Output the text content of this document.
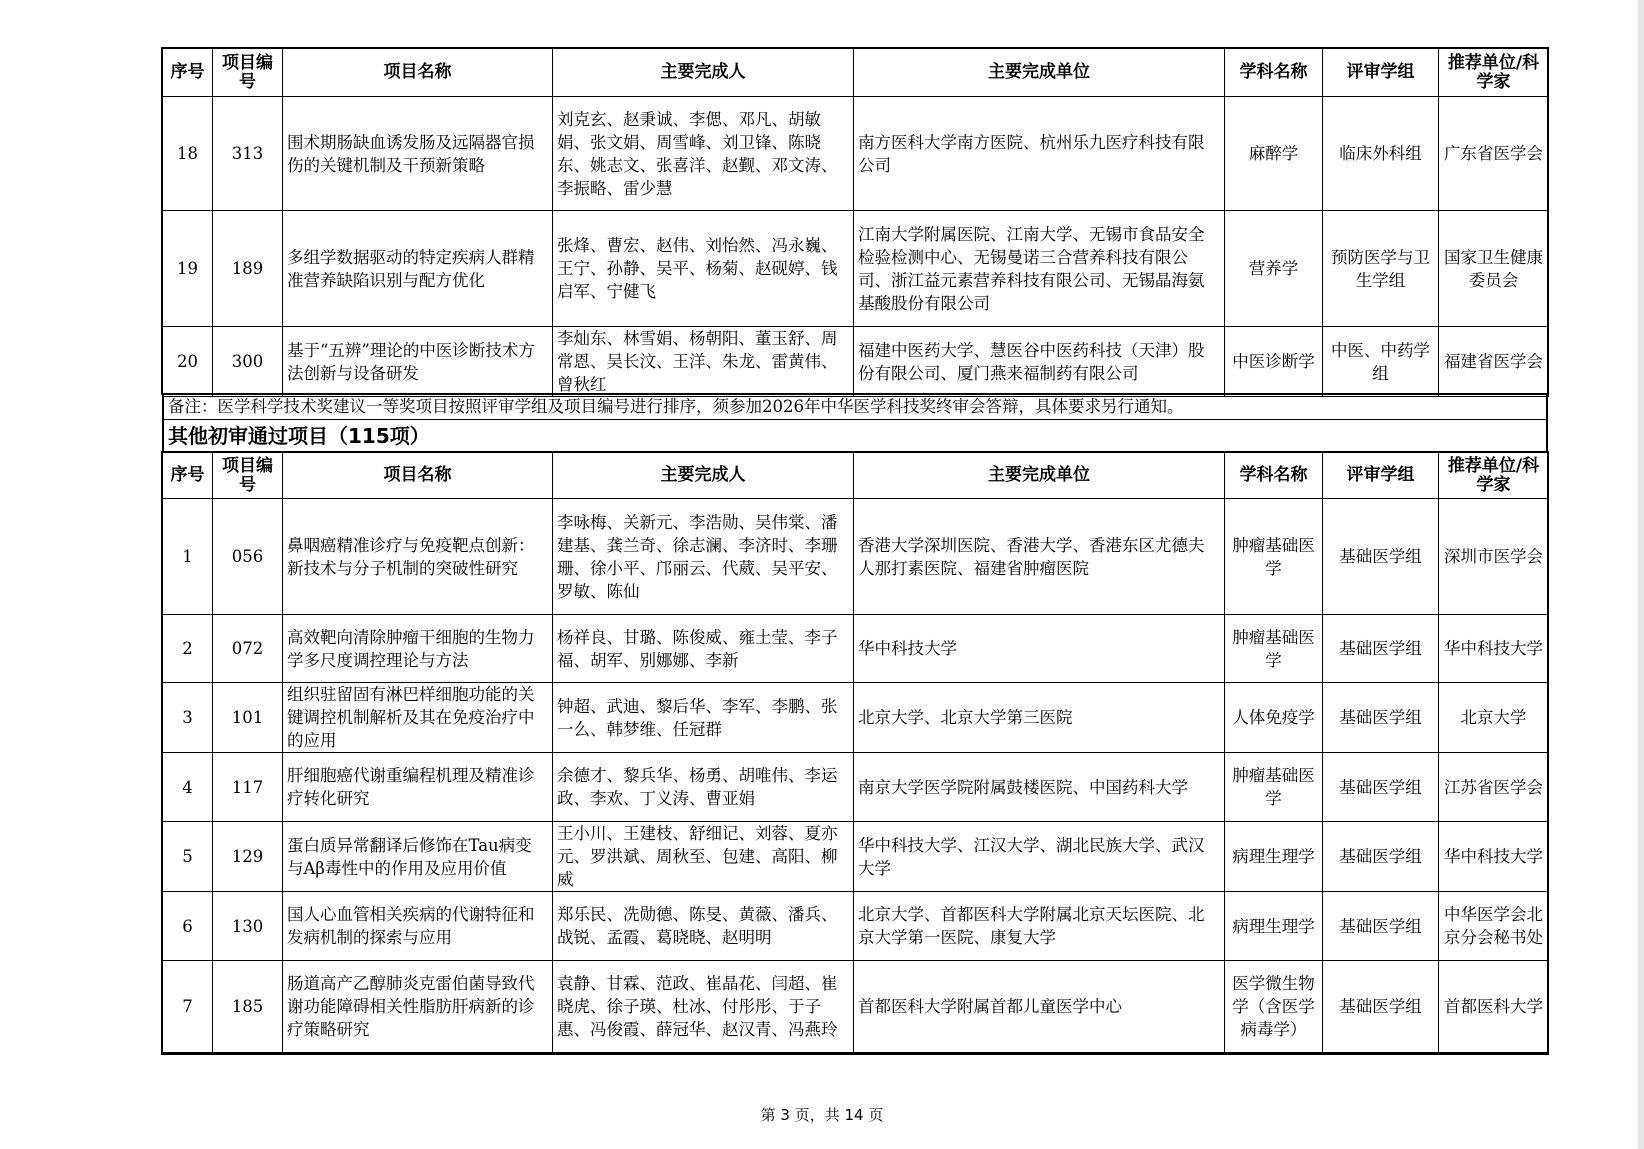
序号	项目编号	项目名称	主要完成人	主要完成单位	学科名称	评审学组	推荐单位/科学家
18	313	围术期肠缺血诱发肠及远隔器官损伤的关键机制及干预新策略	刘克玄、赵秉诚、李偲、邓凡、胡敏娟、张文娟、周雪峰、刘卫锋、陈晓东、姚志文、张喜洋、赵觐、邓文涛、李振略、雷少慧	南方医科大学南方医院、杭州乐九医疗科技有限公司	麻醉学	临床外科组	广东省医学会
19	189	多组学数据驱动的特定疾病人群精准营养缺陷识别与配方优化	张烽、曹宏、赵伟、刘怡然、冯永巍、王宁、孙静、吴平、杨菊、赵砚婷、钱启军、宁健飞	江南大学附属医院、江南大学、无锡市食品安全检验检测中心、无锡曼诺三合营养科技有限公司、浙江益元素营养科技有限公司、无锡晶海氨基酸股份有限公司	营养学	预防医学与卫生学组	国家卫生健康委员会
20	300	基于“五辨”理论的中医诊断技术方法创新与设备研发	李灿东、林雪娟、杨朝阳、董玉舒、周常恩、吴长汶、王洋、朱龙、雷黄伟、曾秋红	福建中医药大学、慧医谷中医药科技（天津）股份有限公司、厦门燕来福制药有限公司	中医诊断学	中医、中药学组	福建省医学会
备注：医学科学技术奖建议一等奖项目按照评审学组及项目编号进行排序，须参加2026年中华医学科技奖终审会答辩，具体要求另行通知。
其他初审通过项目（115项）
序号	项目编号	项目名称	主要完成人	主要完成单位	学科名称	评审学组	推荐单位/科学家
1	056	鼻咽癌精准诊疗与免疫靶点创新：新技术与分子机制的突破性研究	李咏梅、关新元、李浩勋、吴伟棠、潘建基、龚兰奇、徐志澜、李济时、李珊珊、徐小平、邝丽云、代葳、吴平安、罗敏、陈仙	香港大学深圳医院、香港大学、香港东区尤德夫人那打素医院、福建省肿瘤医院	肿瘤基础医学	基础医学组	深圳市医学会
2	072	高效靶向清除肿瘤干细胞的生物力学多尺度调控理论与方法	杨祥良、甘璐、陈俊威、雍土莹、李子福、胡军、别娜娜、李新	华中科技大学	肿瘤基础医学	基础医学组	华中科技大学
3	101	组织驻留固有淋巴样细胞功能的关键调控机制解析及其在免疫治疗中的应用	钟超、武迪、黎后华、李军、李鹏、张一么、韩梦维、任冠群	北京大学、北京大学第三医院	人体免疫学	基础医学组	北京大学
4	117	肝细胞癌代谢重编程机理及精准诊疗转化研究	余德才、黎兵华、杨勇、胡唯伟、李运政、李欢、丁义涛、曹亚娟	南京大学医学院附属鼓楼医院、中国药科大学	肿瘤基础医学	基础医学组	江苏省医学会
5	129	蛋白质异常翻译后修饰在Tau病变与Aβ毒性中的作用及应用价值	王小川、王建枝、舒细记、刘蓉、夏亦元、罗洪斌、周秋至、包建、高阳、柳威	华中科技大学、江汉大学、湖北民族大学、武汉大学	病理生理学	基础医学组	华中科技大学
6	130	国人心血管相关疾病的代谢特征和发病机制的探索与应用	郑乐民、冼勋德、陈旻、黄薇、潘兵、战锐、孟霞、葛晓晓、赵明明	北京大学、首都医科大学附属北京天坛医院、北京大学第一医院、康复大学	病理生理学	基础医学组	中华医学会北京分会秘书处
7	185	肠道高产乙醇肺炎克雷伯菌导致代谢功能障碍相关性脂肪肝病新的诊疗策略研究	袁静、甘霖、范政、崔晶花、闫超、崔晓虎、徐子瑛、杜冰、付彤彤、于子惠、冯俊霞、薛冠华、赵汉青、冯燕玲	首都医科大学附属首都儿童医学中心	医学微生物学（含医学病毒学）	基础医学组	首都医科大学
第 3 页，共 14 页
